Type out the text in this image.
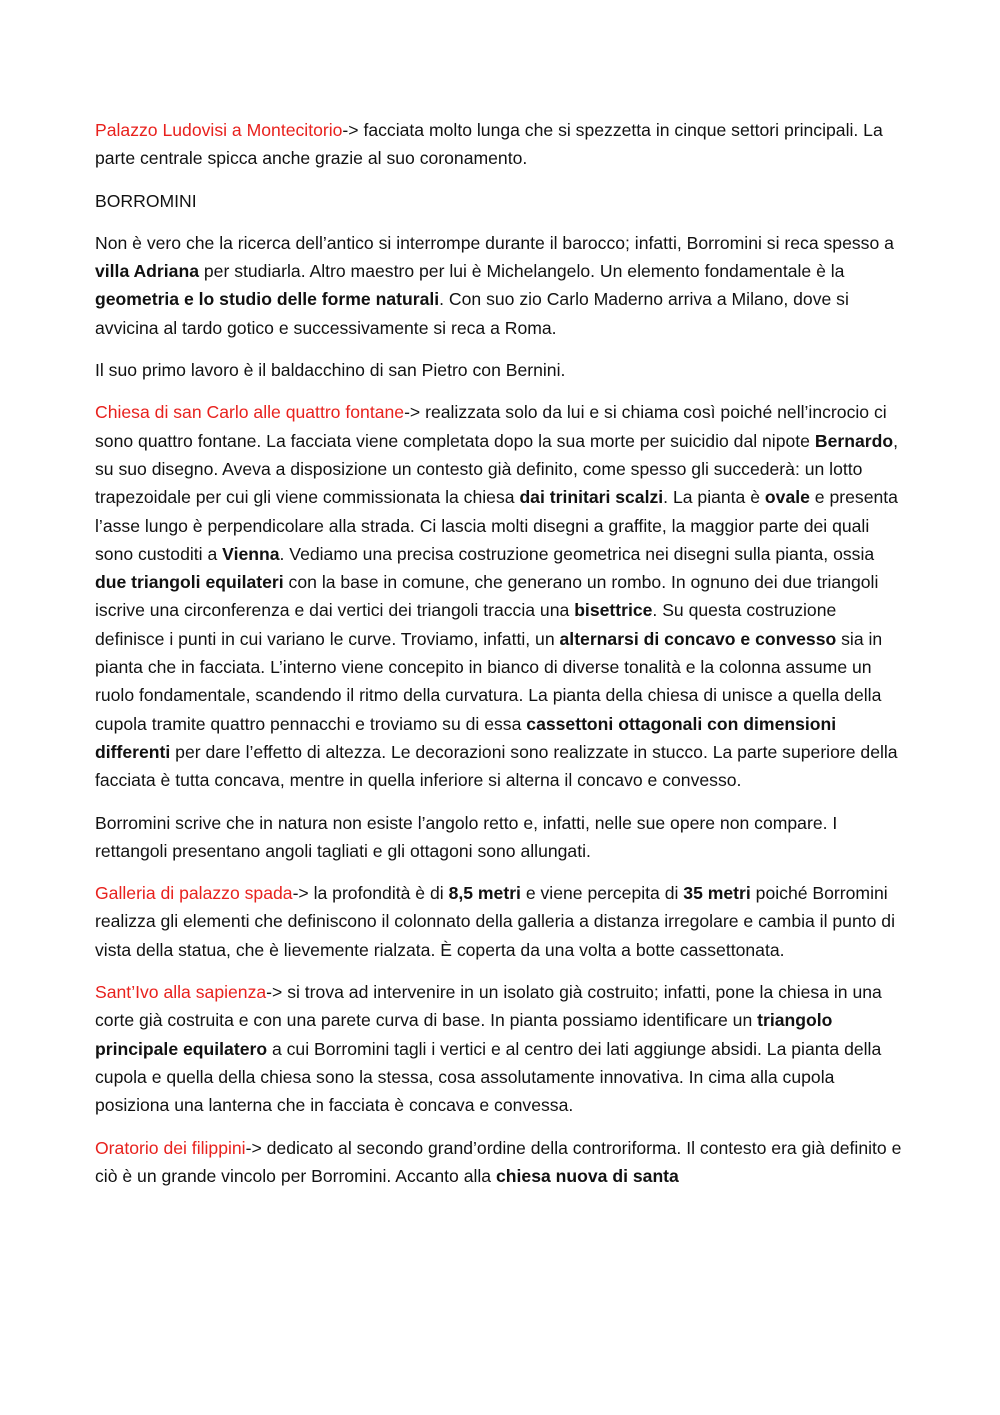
Palazzo Ludovisi a Montecitorio-> facciata molto lunga che si spezzetta in cinque settori principali. La parte centrale spicca anche grazie al suo coronamento.

BORROMINI

Non è vero che la ricerca dell’antico si interrompe durante il barocco; infatti, Borromini si reca spesso a villa Adriana per studiarla. Altro maestro per lui è Michelangelo. Un elemento fondamentale è la geometria e lo studio delle forme naturali. Con suo zio Carlo Maderno arriva a Milano, dove si avvicina al tardo gotico e successivamente si reca a Roma.

Il suo primo lavoro è il baldacchino di san Pietro con Bernini.

Chiesa di san Carlo alle quattro fontane-> realizzata solo da lui e si chiama così poiché nell’incrocio ci sono quattro fontane. La facciata viene completata dopo la sua morte per suicidio dal nipote Bernardo, su suo disegno. Aveva a disposizione un contesto già definito, come spesso gli succederà: un lotto trapezoidale per cui gli viene commissionata la chiesa dai trinitari scalzi. La pianta è ovale e presenta l’asse lungo è perpendicolare alla strada. Ci lascia molti disegni a graffite, la maggior parte dei quali sono custoditi a Vienna. Vediamo una precisa costruzione geometrica nei disegni sulla pianta, ossia due triangoli equilateri con la base in comune, che generano un rombo. In ognuno dei due triangoli iscrive una circonferenza e dai vertici dei triangoli traccia una bisettrice. Su questa costruzione definisce i punti in cui variano le curve. Troviamo, infatti, un alternarsi di concavo e convesso sia in pianta che in facciata. L’interno viene concepito in bianco di diverse tonalità e la colonna assume un ruolo fondamentale, scandendo il ritmo della curvatura. La pianta della chiesa di unisce a quella della cupola tramite quattro pennacchi e troviamo su di essa cassettoni ottagonali con dimensioni differenti per dare l’effetto di altezza. Le decorazioni sono realizzate in stucco. La parte superiore della facciata è tutta concava, mentre in quella inferiore si alterna il concavo e convesso.

Borromini scrive che in natura non esiste l’angolo retto e, infatti, nelle sue opere non compare. I rettangoli presentano angoli tagliati e gli ottagoni sono allungati.

Galleria di palazzo spada-> la profondità è di 8,5 metri e viene percepita di 35 metri poiché Borromini realizza gli elementi che definiscono il colonnato della galleria a distanza irregolare e cambia il punto di vista della statua, che è lievemente rialzata. È coperta da una volta a botte cassettonata.

Sant’Ivo alla sapienza-> si trova ad intervenire in un isolato già costruito; infatti, pone la chiesa in una corte già costruita e con una parete curva di base. In pianta possiamo identificare un triangolo principale equilatero a cui Borromini tagli i vertici e al centro dei lati aggiunge absidi. La pianta della cupola e quella della chiesa sono la stessa, cosa assolutamente innovativa. In cima alla cupola posiziona una lanterna che in facciata è concava e convessa.

Oratorio dei filippini-> dedicato al secondo grand’ordine della controriforma. Il contesto era già definito e ciò è un grande vincolo per Borromini. Accanto alla chiesa nuova di santa
